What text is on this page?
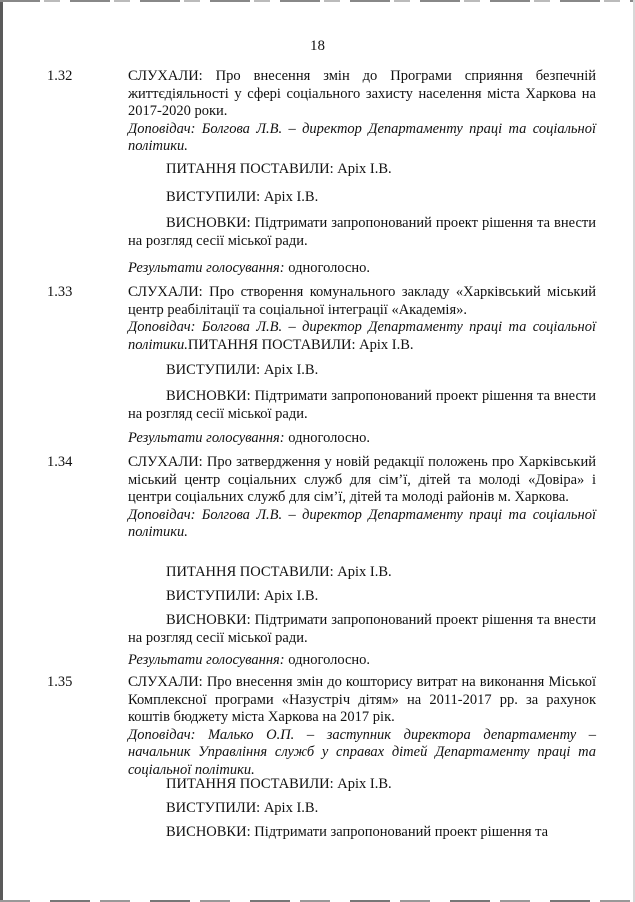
18
1.32	СЛУХАЛИ: Про внесення змін до Програми сприяння безпечній життєдіяльності у сфері соціального захисту населення міста Харкова на 2017-2020 роки.

Доповідач: Болгова Л.В. – директор Департаменту праці та соціальної політики.

ПИТАННЯ ПОСТАВИЛИ: Аріх І.В.
ВИСТУПИЛИ: Аріх І.В.
ВИСНОВКИ: Підтримати запропонований проект рішення та внести на розгляд сесії міської ради.
Результати голосування: одноголосно.
1.33	СЛУХАЛИ: Про створення комунального закладу «Харківський міський центр реабілітації та соціальної інтеграції «Академія».

Доповідач: Болгова Л.В. – директор Департаменту праці та соціальної політики.ПИТАННЯ ПОСТАВИЛИ: Аріх І.В.

ВИСТУПИЛИ: Аріх І.В.
ВИСНОВКИ: Підтримати запропонований проект рішення та внести на розгляд сесії міської ради.
Результати голосування: одноголосно.
1.34	СЛУХАЛИ: Про затвердження у новій редакції положень про Харківський міський центр соціальних служб для сім’ї, дітей та молоді «Довіра» і центри соціальних служб для сім’ї, дітей та молоді районів м. Харкова.

Доповідач: Болгова Л.В. – директор Департаменту праці та соціальної політики.

ПИТАННЯ ПОСТАВИЛИ: Аріх І.В.
ВИСТУПИЛИ: Аріх І.В.
ВИСНОВКИ: Підтримати запропонований проект рішення та внести на розгляд сесії міської ради.
Результати голосування: одноголосно.
1.35	СЛУХАЛИ: Про внесення змін до кошторису витрат на виконання Міської Комплексної програми «Назустріч дітям» на 2011-2017 рр. за рахунок коштів бюджету міста Харкова на 2017 рік.

Доповідач: Малько О.П. – заступник директора департаменту – начальник Управління служб у справах дітей Департаменту праці та соціальної політики.

ПИТАННЯ ПОСТАВИЛИ: Аріх І.В.
ВИСТУПИЛИ: Аріх І.В.
ВИСНОВКИ: Підтримати запропонований проект рішення та
